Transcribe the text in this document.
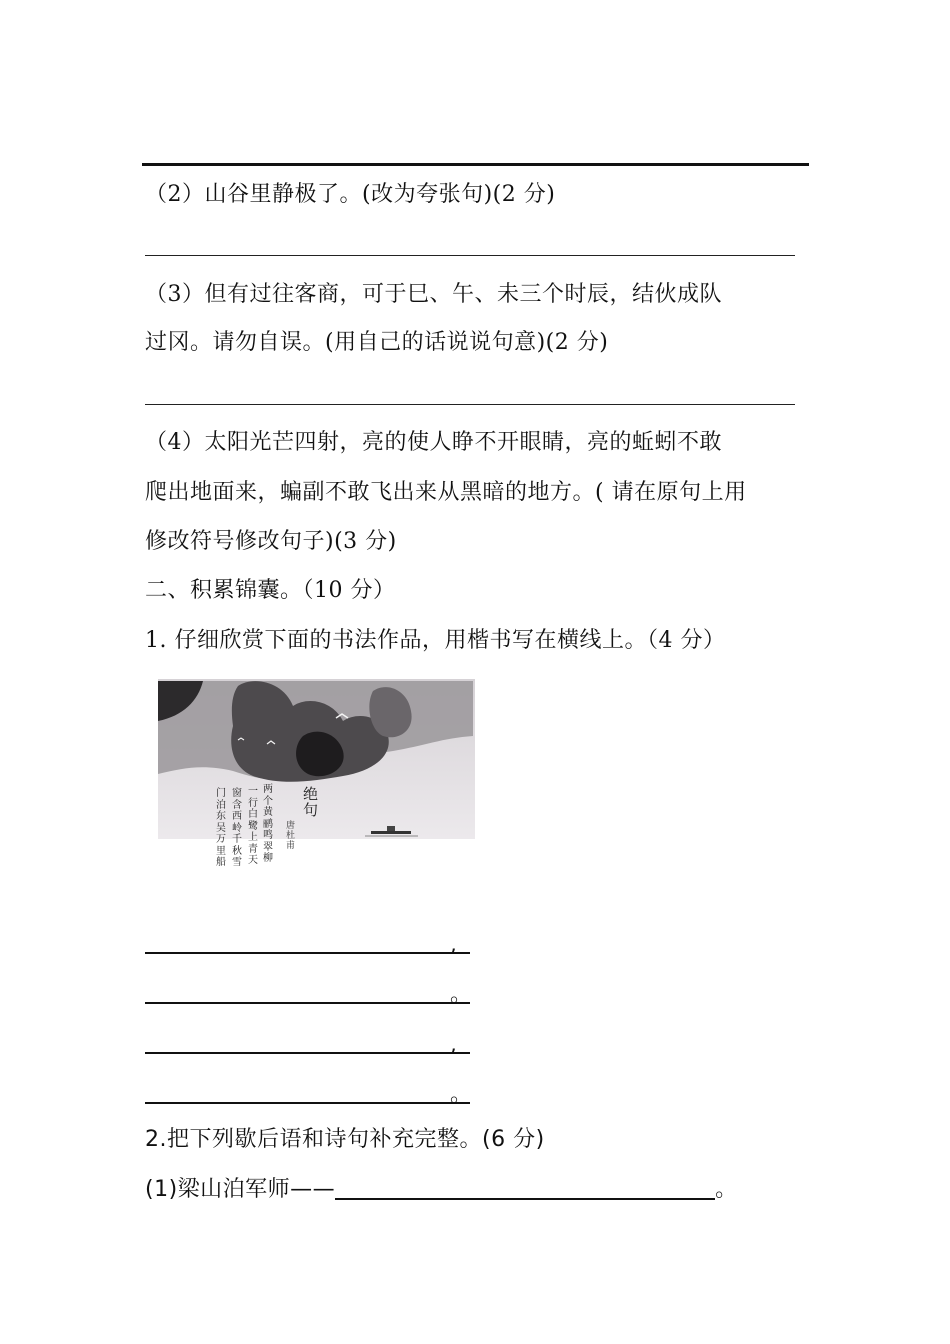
（2）山谷里静极了。(改为夸张句)(2 分)
（3）但有过往客商，可于巳、午、未三个时辰，结伙成队
过冈。请勿自误。(用自己的话说说句意)(2 分)
（4）太阳光芒四射，亮的使人睁不开眼睛，亮的蚯蚓不敢
爬出地面来，蝙副不敢飞出来从黑暗的地方。( 请在原句上用
修改符号修改句子)(3 分)
二、积累锦囊。（10 分）
1. 仔细欣赏下面的书法作品，用楷书写在横线上。（4 分）
绝句
唐 杜甫
两个黄鹂鸣翠柳
一行白鹭上青天
窗含西岭千秋雪
门泊东吴万里船
,
。
,
。
2.把下列歇后语和诗句补充完整。(6 分)
(1)梁山泊军师——	。
